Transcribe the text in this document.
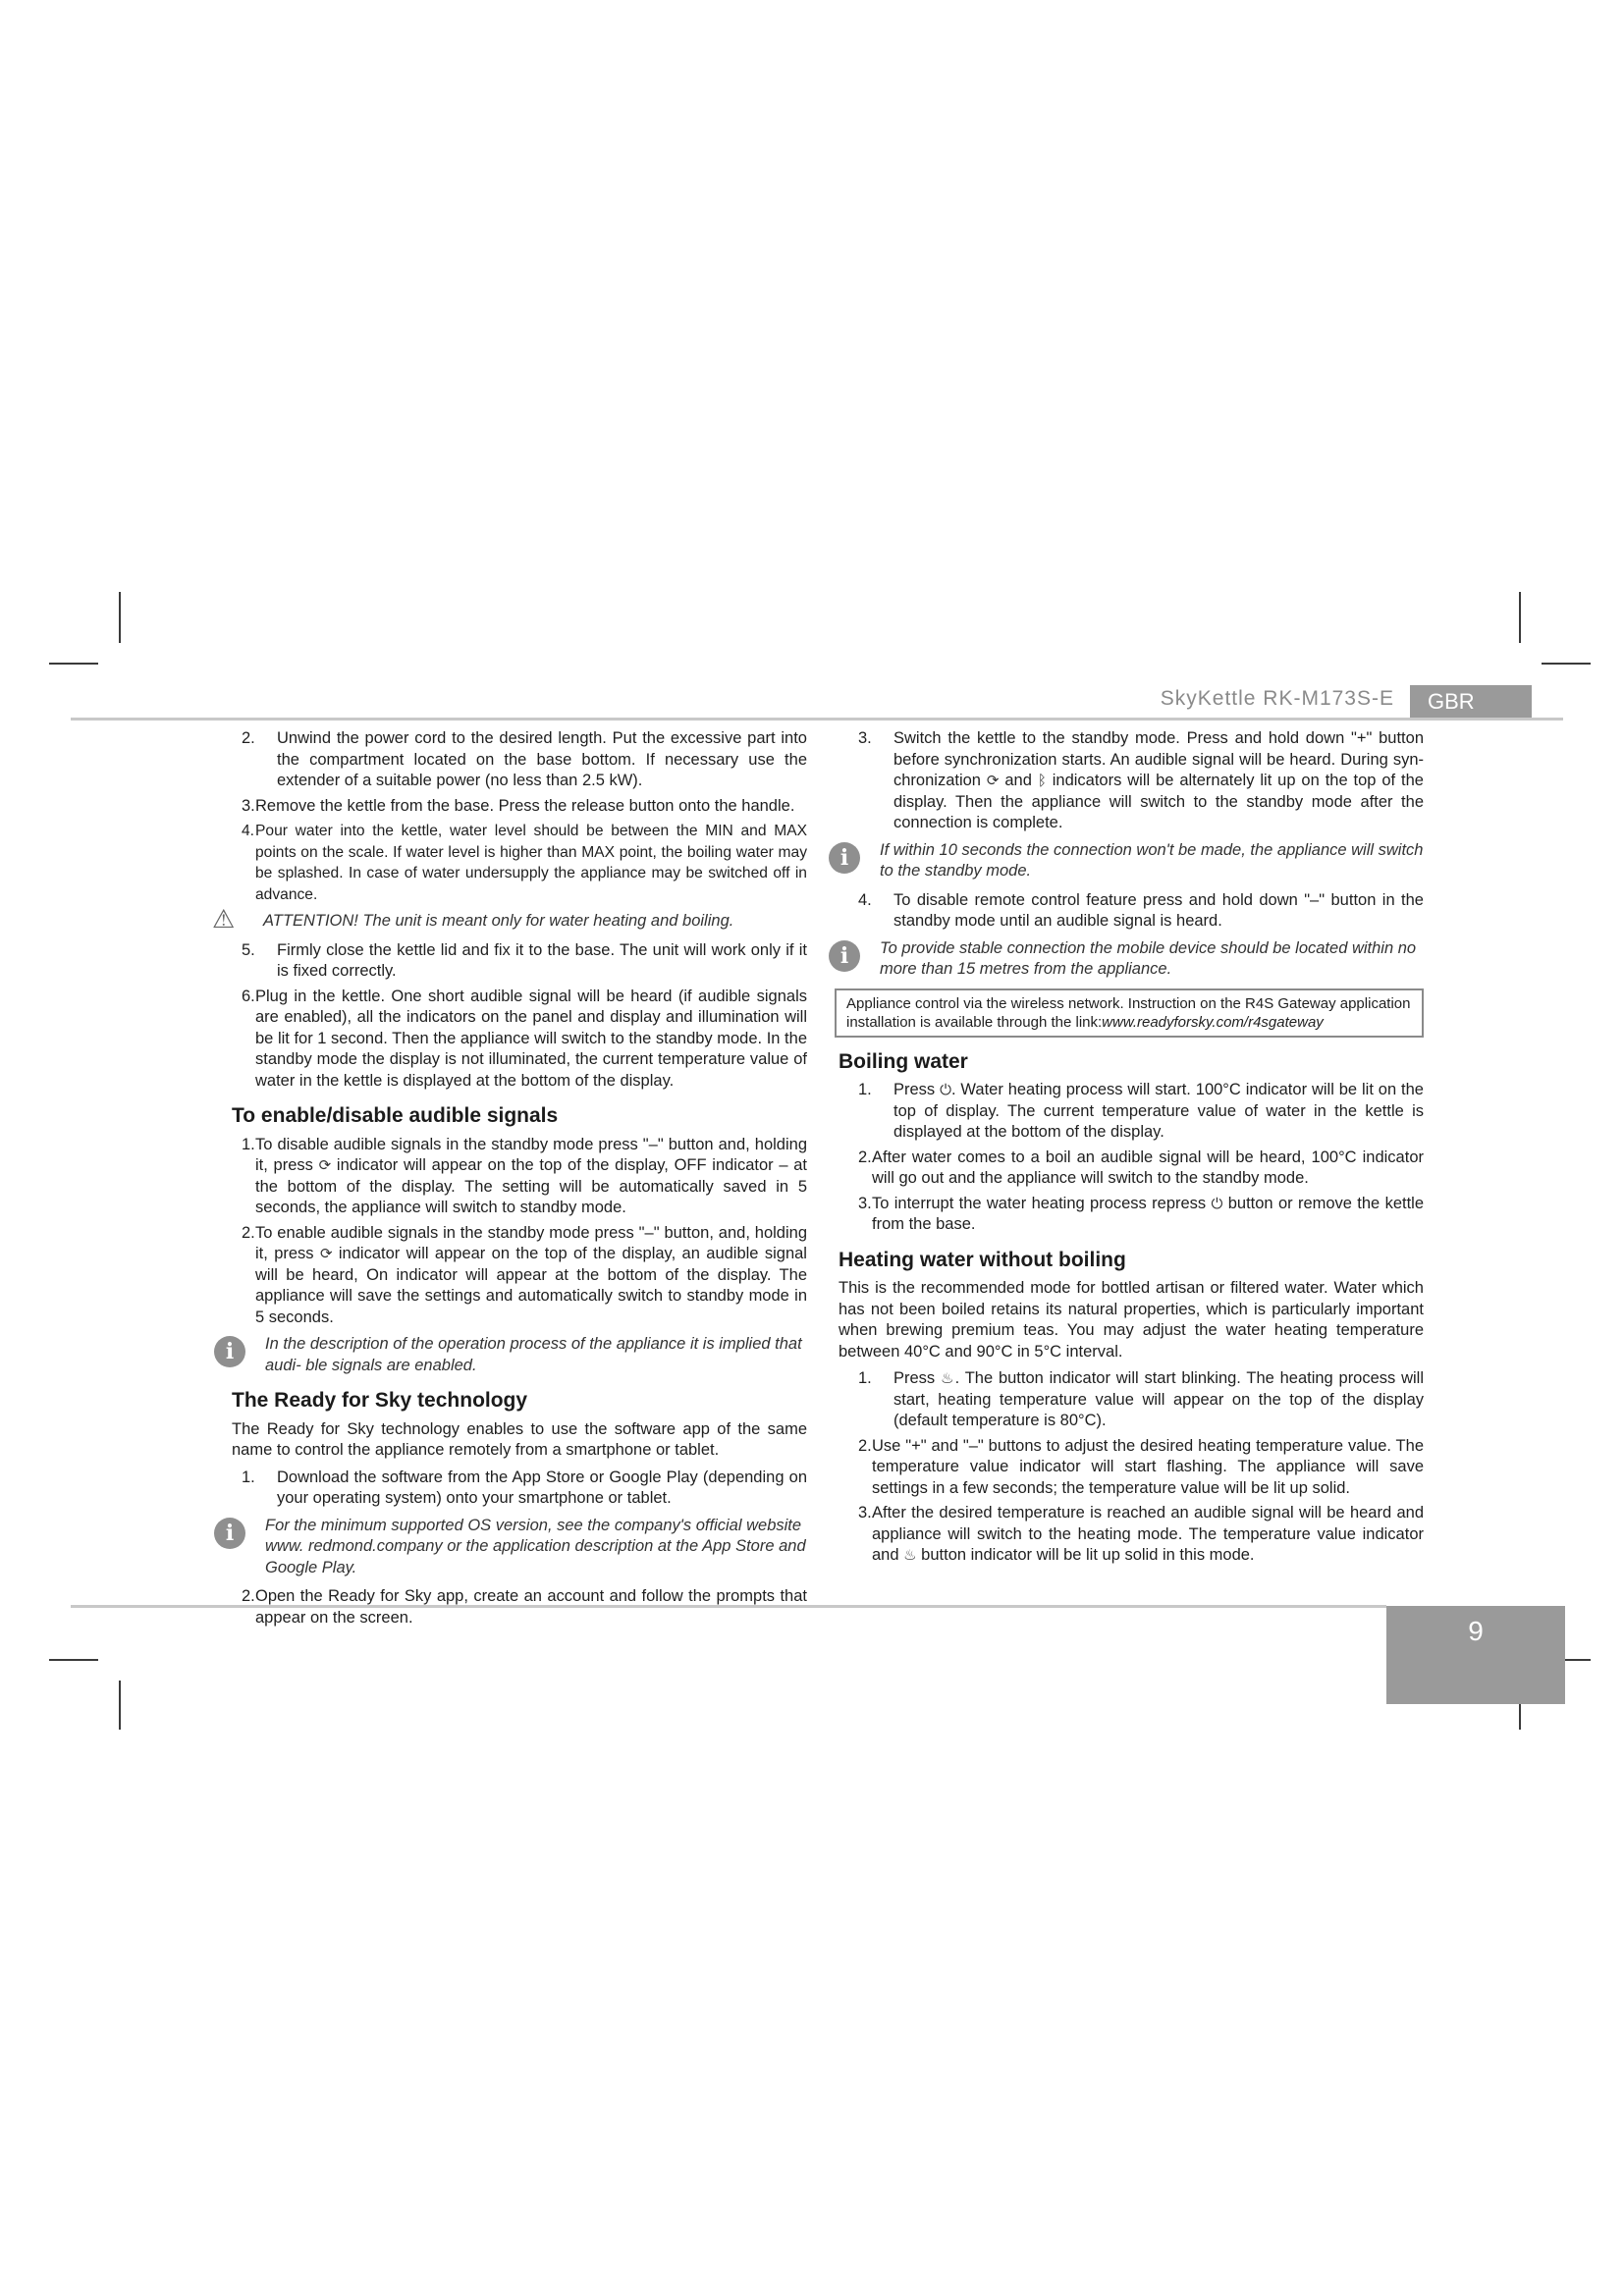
SkyKettle RK-M173S-E	GBR
2. Unwind the power cord to the desired length. Put the excessive part into the compartment located on the base bottom. If necessary use the extender of a suitable power (no less than 2.5 kW).
3. Remove the kettle from the base. Press the release button onto the handle.
4. Pour water into the kettle, water level should be between the MIN and MAX points on the scale. If water level is higher than MAX point, the boiling water may be splashed. In case of water undersupply the appliance may be switched off in advance.
⚠ ATTENTION! The unit is meant only for water heating and boiling.
5. Firmly close the kettle lid and fix it to the base. The unit will work only if it is fixed correctly.
6. Plug in the kettle. One short audible signal will be heard (if audible signals are enabled), all the indicators on the panel and display and illumination will be lit for 1 second. Then the appliance will switch to the standby mode. In the standby mode the display is not illuminated, the current temperature value of water in the kettle is displayed at the bottom of the display.
To enable/disable audible signals
1. To disable audible signals in the standby mode press "–" button and, holding it, press ⟳ indicator will appear on the top of the display, OFF indicator – at the bottom of the display. The setting will be automatically saved in 5 seconds, the appliance will switch to standby mode.
2. To enable audible signals in the standby mode press "–" button, and, holding it, press ⟳ indicator will appear on the top of the display, an audible signal will be heard, On indicator will appear at the bottom of the display. The appliance will save the settings and automatically switch to standby mode in 5 seconds.
i	In the description of the operation process of the appliance it is implied that audi- ble signals are enabled.
The Ready for Sky technology

The Ready for Sky technology enables to use the software app of the same name to control the appliance remotely from a smartphone or tablet.

1. Download the software from the App Store or Google Play (depending on your operating system) onto your smartphone or tablet.
i	For the minimum supported OS version, see the company's official website www. redmond.company or the application description at the App Store and Google Play.
2. Open the Ready for Sky app, create an account and follow the prompts that appear on the screen.
3. Switch the kettle to the standby mode. Press and hold down "+" button before synchronization starts. An audible signal will be heard. During syn- chronization ⟳ and ᛒ indicators will be alternately lit up on the top of the display. Then the appliance will switch to the standby mode after the connection is complete.
i	If within 10 seconds the connection won't be made, the appliance will switch to the standby mode.
4. To disable remote control feature press and hold down "–" button in the standby mode until an audible signal is heard.
i	To provide stable connection the mobile device should be located within no more than 15 metres from the appliance.
Appliance control via the wireless network. Instruction on the R4S Gateway application installation is available through the link:www.readyforsky.com/r4sgateway
Boiling water
1. Press ⏻. Water heating process will start. 100°C indicator will be lit on the top of display. The current temperature value of water in the kettle is displayed at the bottom of the display.
2. After water comes to a boil an audible signal will be heard, 100°C indicator will go out and the appliance will switch to the standby mode.
3. To interrupt the water heating process repress ⏻ button or remove the kettle from the base.
Heating water without boiling

This is the recommended mode for bottled artisan or filtered water. Water which has not been boiled retains its natural properties, which is particularly important when brewing premium teas. You may adjust the water heating temperature between 40°C and 90°C in 5°C interval.

1. Press ♨. The button indicator will start blinking. The heating process will start, heating temperature value will appear on the top of the display (default temperature is 80°C).
2. Use "+" and "–" buttons to adjust the desired heating temperature value. The temperature value indicator will start flashing. The appliance will save settings in a few seconds; the temperature value will be lit up solid.
3. After the desired temperature is reached an audible signal will be heard and appliance will switch to the heating mode. The temperature value indicator and ♨ button indicator will be lit up solid in this mode.
9
